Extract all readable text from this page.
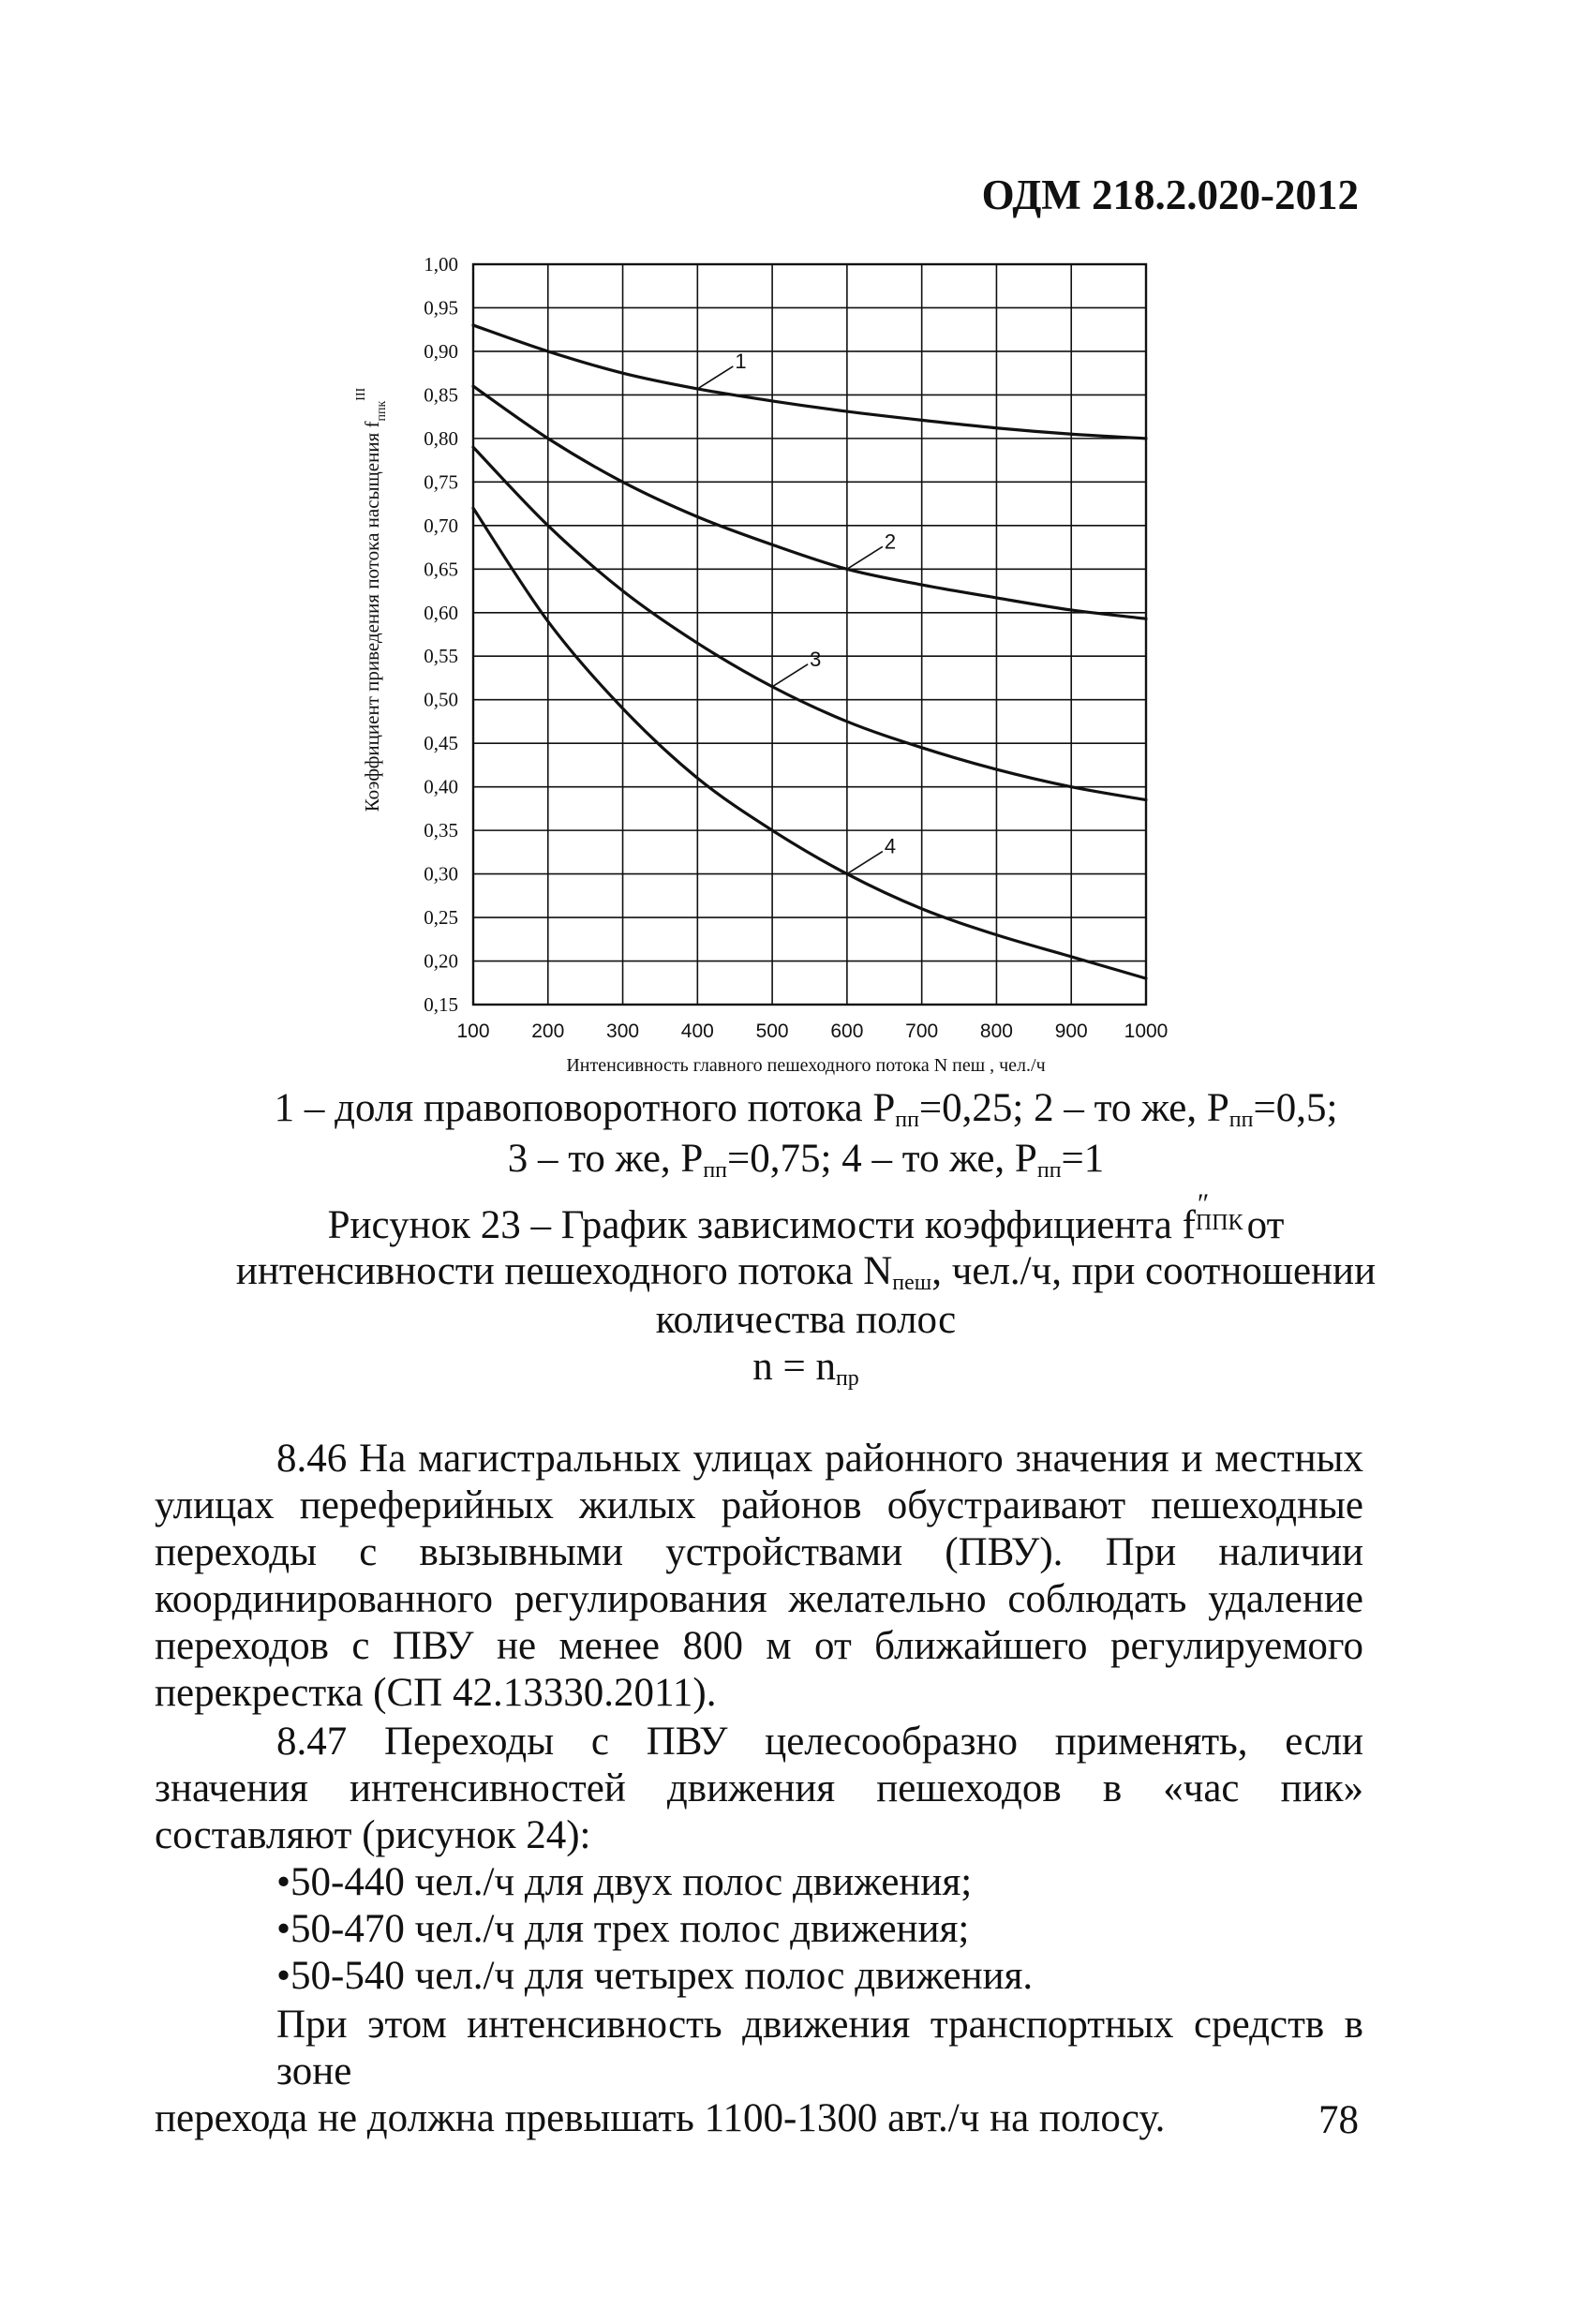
ОДМ 218.2.020-2012
1,00
0,95
0,90
0,85
0,80
0,75
0,70
0,65
0,60
0,55
0,50
0,45
0,40
0,35
0,30
0,25
0,20
0,15
100 200 300 400 500 600 700 800 900 1000
1
2
3
4
Коэффициент приведения потока насыщения $f_{ппк}^{III}$
Интенсивность главного пешеходного потока N пеш , чел./ч
1 – доля правоповоротного потока $P_{пп}=0,25$; 2 – то же, $P_{пп}=0,5$;
3 – то же, $P_{пп}=0,75$; 4 – то же, $P_{пп}=1$
Рисунок 23 – График зависимости коэффициента f ″
ППК
от
интенсивности пешеходного потока $N_{пеш}$, чел./ч, при соотношении
количества полос
$n = n_{пр}$
8.46 На магистральных улицах районного значения и местных
улицах переферийных жилых районов обустраивают пешеходные
переходы с вызывными устройствами (ПВУ). При наличии
координированного регулирования желательно соблюдать удаление
переходов с ПВУ не менее 800 м от ближайшего регулируемого
перекрестка (СП 42.13330.2011).
8.47 Переходы с ПВУ целесообразно применять, если
значения интенсивностей движения пешеходов в «час пик»
составляют (рисунок 24):
•50-440 чел./ч для двух полос движения;
•50-470 чел./ч для трех полос движения;
•50-540 чел./ч для четырех полос движения.
При этом интенсивность движения транспортных средств в зоне
перехода не должна превышать 1100-1300 авт./ч на полосу.	78
